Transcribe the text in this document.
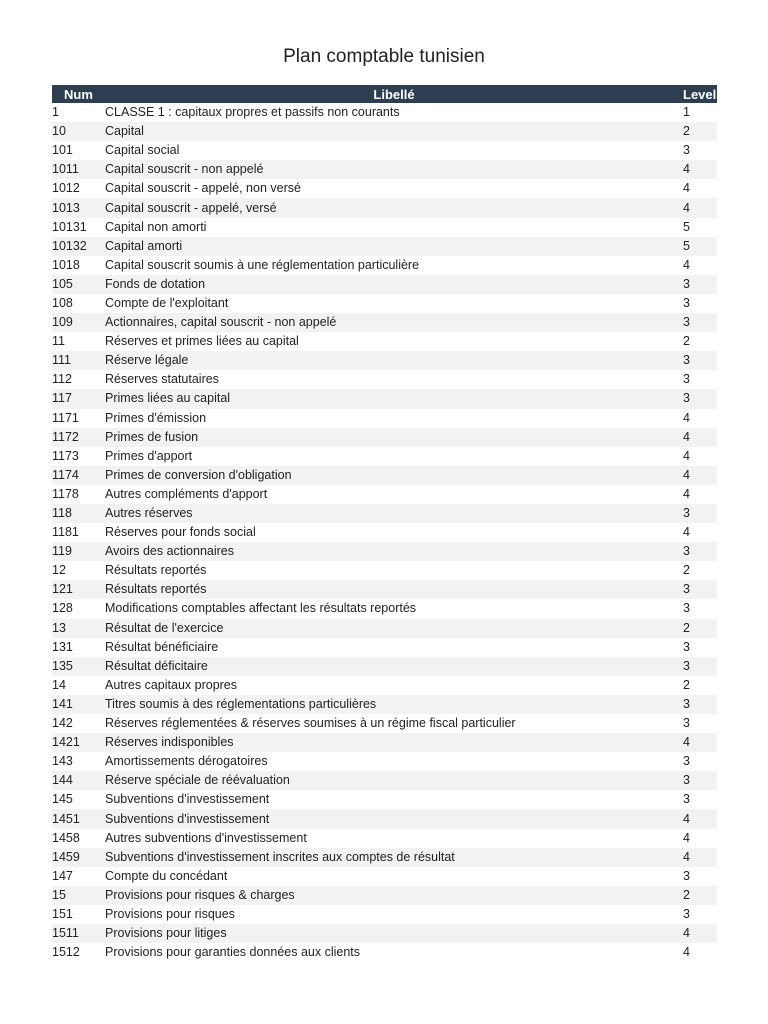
Plan comptable tunisien
Num	Libellé	Level
1	CLASSE 1 : capitaux propres et passifs non courants	1
10	Capital	2
101	Capital social	3
1011	Capital souscrit - non appelé	4
1012	Capital souscrit - appelé, non versé	4
1013	Capital souscrit - appelé, versé	4
10131	Capital non amorti	5
10132	Capital amorti	5
1018	Capital souscrit soumis à une réglementation particulière	4
105	Fonds de dotation	3
108	Compte de l'exploitant	3
109	Actionnaires, capital souscrit - non appelé	3
11	Réserves et primes liées au capital	2
111	Réserve légale	3
112	Réserves statutaires	3
117	Primes liées au capital	3
1171	Primes d'émission	4
1172	Primes de fusion	4
1173	Primes d'apport	4
1174	Primes de conversion d'obligation	4
1178	Autres compléments d'apport	4
118	Autres réserves	3
1181	Réserves pour fonds social	4
119	Avoirs des actionnaires	3
12	Résultats reportés	2
121	Résultats reportés	3
128	Modifications comptables affectant les résultats reportés	3
13	Résultat de l'exercice	2
131	Résultat bénéficiaire	3
135	Résultat déficitaire	3
14	Autres capitaux propres	2
141	Titres soumis à des réglementations particulières	3
142	Réserves réglementées & réserves soumises à un régime fiscal particulier	3
1421	Réserves indisponibles	4
143	Amortissements dérogatoires	3
144	Réserve spéciale de réévaluation	3
145	Subventions d'investissement	3
1451	Subventions d'investissement	4
1458	Autres subventions d'investissement	4
1459	Subventions d'investissement inscrites aux comptes de résultat	4
147	Compte du concédant	3
15	Provisions pour risques & charges	2
151	Provisions pour risques	3
1511	Provisions pour litiges	4
1512	Provisions pour garanties données aux clients	4
